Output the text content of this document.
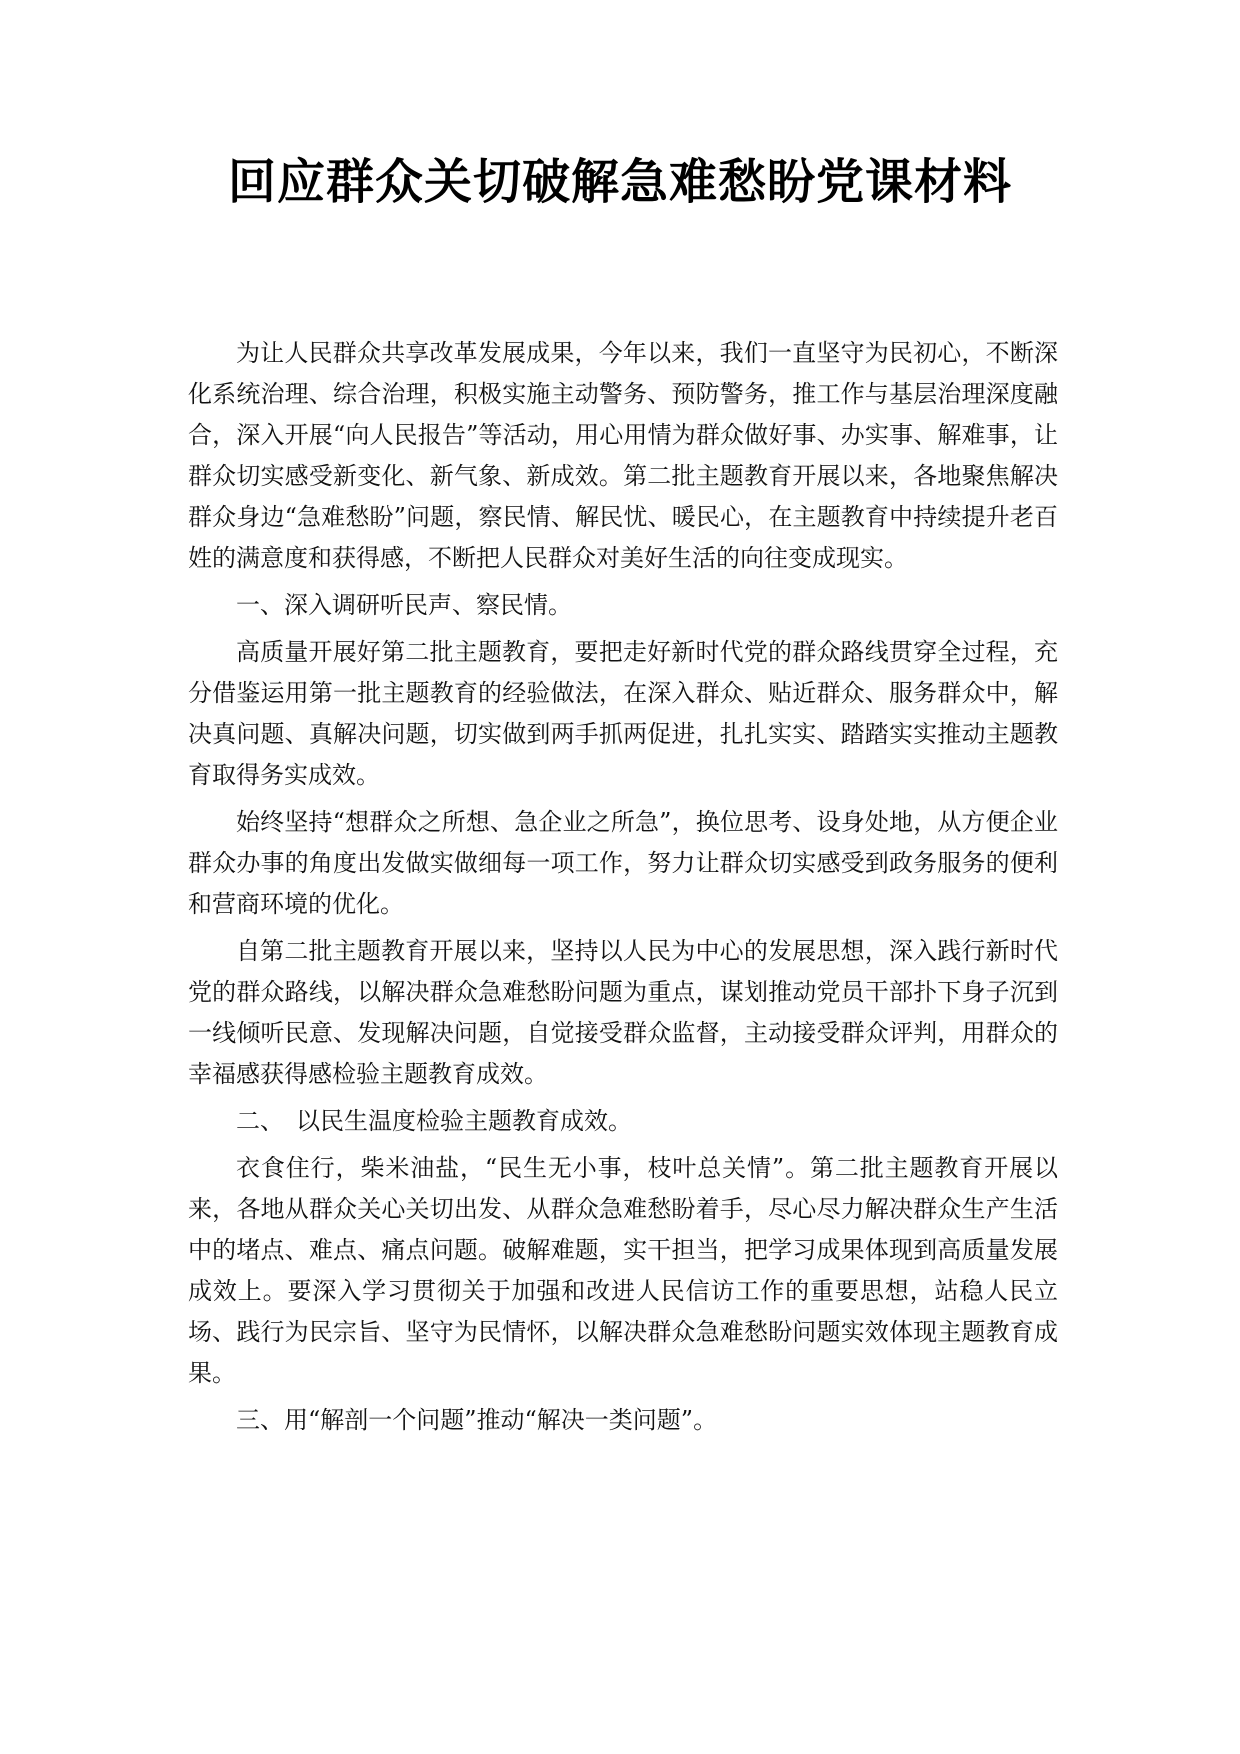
回应群众关切破解急难愁盼党课材料

为让人民群众共享改革发展成果，今年以来，我们一直坚守为民初心，不断深化系统治理、综合治理，积极实施主动警务、预防警务，推工作与基层治理深度融合，深入开展“向人民报告”等活动，用心用情为群众做好事、办实事、解难事，让群众切实感受新变化、新气象、新成效。第二批主题教育开展以来，各地聚焦解决群众身边“急难愁盼”问题，察民情、解民忧、暖民心，在主题教育中持续提升老百姓的满意度和获得感，不断把人民群众对美好生活的向往变成现实。

一、深入调研听民声、察民情。

高质量开展好第二批主题教育，要把走好新时代党的群众路线贯穿全过程，充分借鉴运用第一批主题教育的经验做法，在深入群众、贴近群众、服务群众中，解决真问题、真解决问题，切实做到两手抓两促进，扎扎实实、踏踏实实推动主题教育取得务实成效。

始终坚持“想群众之所想、急企业之所急”，换位思考、设身处地，从方便企业群众办事的角度出发做实做细每一项工作，努力让群众切实感受到政务服务的便利和营商环境的优化。

自第二批主题教育开展以来，坚持以人民为中心的发展思想，深入践行新时代党的群众路线，以解决群众急难愁盼问题为重点，谋划推动党员干部扑下身子沉到一线倾听民意、发现解决问题，自觉接受群众监督，主动接受群众评判，用群众的幸福感获得感检验主题教育成效。

二、　以民生温度检验主题教育成效。

衣食住行，柴米油盐，“民生无小事，枝叶总关情”。第二批主题教育开展以来，各地从群众关心关切出发、从群众急难愁盼着手，尽心尽力解决群众生产生活中的堵点、难点、痛点问题。破解难题，实干担当，把学习成果体现到高质量发展成效上。要深入学习贯彻关于加强和改进人民信访工作的重要思想，站稳人民立场、践行为民宗旨、坚守为民情怀，以解决群众急难愁盼问题实效体现主题教育成果。

三、用“解剖一个问题”推动“解决一类问题”。
